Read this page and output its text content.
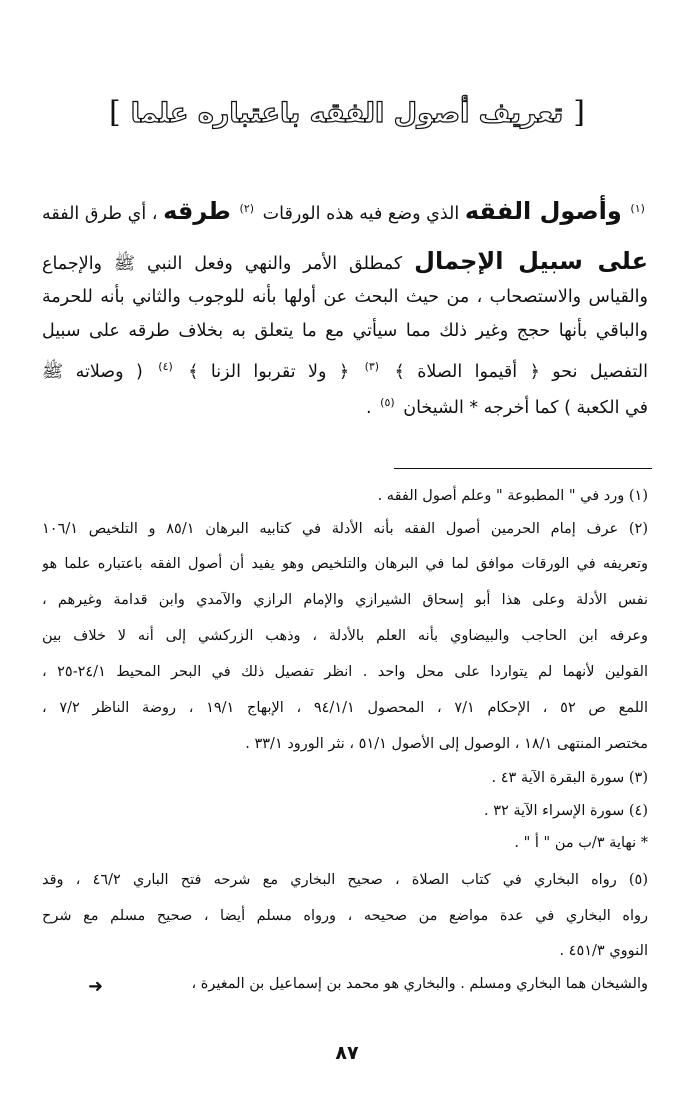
[
تعريف أصول الفقه باعتباره علما
]
$^{(١)}$ وأصول الفقه الذي وضع فيه هذه الورقات $^{(٢)}$ طرقه ، أي طرق الفقه
على سبيل الإجمال كمطلق الأمر والنهي وفعل النبي ﷺ والإجماع
والقياس والاستصحاب ، من حيث البحث عن أولها بأنه للوجوب والثاني بأنه للحرمة
والباقي بأنها حجج وغير ذلك مما سيأتي مع ما يتعلق به بخلاف طرقه على سبيل
التفصيل نحو ﴿ أقيموا الصلاة ﴾ $^{(٣)}$ ﴿ ولا تقربوا الزنا ﴾ $^{(٤)}$ ( وصلاته ﷺ
في الكعبة ) كما أخرجه * الشيخان $^{(٥)}$ .
(١) ورد في " المطبوعة " وعلم أصول الفقه .
(٢) عرف إمام الحرمين أصول الفقه بأنه الأدلة في كتابيه البرهان ٨٥/١ و التلخيص ١٠٦/١
وتعريفه في الورقات موافق لما في البرهان والتلخيص وهو يفيد أن أصول الفقه باعتباره علما هو
نفس الأدلة وعلى هذا أبو إسحاق الشيرازي والإمام الرازي والآمدي وابن قدامة وغيرهم ،
وعرفه ابن الحاجب والبيضاوي بأنه العلم بالأدلة ، وذهب الزركشي إلى أنه لا خلاف بين
القولين لأنهما لم يتواردا على محل واحد . انظر تفصيل ذلك في البحر المحيط ٢٤/١-٢٥ ،
اللمع ص ٥٢ ، الإحكام ٧/١ ، المحصول ٩٤/١/١ ، الإبهاج ١٩/١ ، روضة الناظر ٧/٢ ،
مختصر المنتهى ١٨/١ ، الوصول إلى الأصول ٥١/١ ، نثر الورود ٣٣/١ .
(٣) سورة البقرة الآية ٤٣ .
(٤) سورة الإسراء الآية ٣٢ .
* نهاية ٣/ب من " أ " .
(٥) رواه البخاري في كتاب الصلاة ، صحيح البخاري مع شرحه فتح الباري ٤٦/٢ ، وقد
رواه البخاري في عدة مواضع من صحيحه ، ورواه مسلم أيضا ، صحيح مسلم مع شرح
النووي ٤٥١/٣ .
والشيخان هما البخاري ومسلم . والبخاري هو محمد بن إسماعيل بن المغيرة ،
➜
٨٧
